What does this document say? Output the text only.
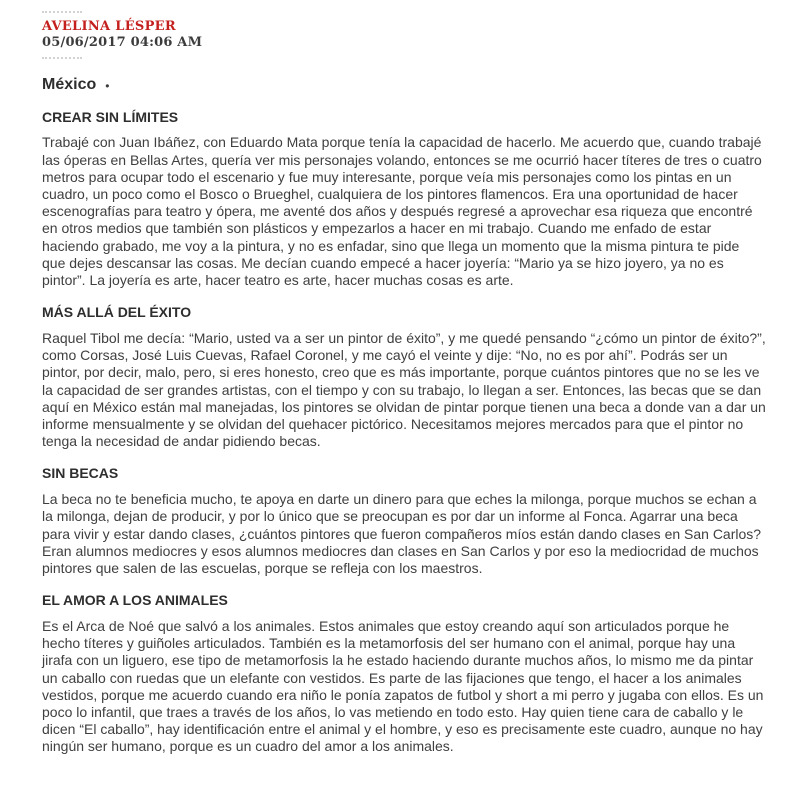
AVELINA LÉSPER
05/06/2017 04:06 AM
México •
CREAR SIN LÍMITES

Trabajé con Juan Ibáñez, con Eduardo Mata porque tenía la capacidad de hacerlo. Me acuerdo que, cuando trabajé las óperas en Bellas Artes, quería ver mis personajes volando, entonces se me ocurrió hacer títeres de tres o cuatro metros para ocupar todo el escenario y fue muy interesante, porque veía mis personajes como los pintas en un cuadro, un poco como el Bosco o Brueghel, cualquiera de los pintores flamencos. Era una oportunidad de hacer escenografías para teatro y ópera, me aventé dos años y después regresé a aprovechar esa riqueza que encontré en otros medios que también son plásticos y empezarlos a hacer en mi trabajo. Cuando me enfado de estar haciendo grabado, me voy a la pintura, y no es enfadar, sino que llega un momento que la misma pintura te pide que dejes descansar las cosas. Me decían cuando empecé a hacer joyería: “Mario ya se hizo joyero, ya no es pintor”. La joyería es arte, hacer teatro es arte, hacer muchas cosas es arte.

MÁS ALLÁ DEL ÉXITO

Raquel Tibol me decía: “Mario, usted va a ser un pintor de éxito”, y me quedé pensando “¿cómo un pintor de éxito?”, como Corsas, José Luis Cuevas, Rafael Coronel, y me cayó el veinte y dije: “No, no es por ahí”. Podrás ser un pintor, por decir, malo, pero, si eres honesto, creo que es más importante, porque cuántos pintores que no se les ve la capacidad de ser grandes artistas, con el tiempo y con su trabajo, lo llegan a ser. Entonces, las becas que se dan aquí en México están mal manejadas, los pintores se olvidan de pintar porque tienen una beca a donde van a dar un informe mensualmente y se olvidan del quehacer pictórico. Necesitamos mejores mercados para que el pintor no tenga la necesidad de andar pidiendo becas.

SIN BECAS

La beca no te beneficia mucho, te apoya en darte un dinero para que eches la milonga, porque muchos se echan a la milonga, dejan de producir, y por lo único que se preocupan es por dar un informe al Fonca. Agarrar una beca para vivir y estar dando clases, ¿cuántos pintores que fueron compañeros míos están dando clases en San Carlos? Eran alumnos mediocres y esos alumnos mediocres dan clases en San Carlos y por eso la mediocridad de muchos pintores que salen de las escuelas, porque se refleja con los maestros.

EL AMOR A LOS ANIMALES

Es el Arca de Noé que salvó a los animales. Estos animales que estoy creando aquí son articulados porque he hecho títeres y guiñoles articulados. También es la metamorfosis del ser humano con el animal, porque hay una jirafa con un liguero, ese tipo de metamorfosis la he estado haciendo durante muchos años, lo mismo me da pintar un caballo con ruedas que un elefante con vestidos. Es parte de las fijaciones que tengo, el hacer a los animales vestidos, porque me acuerdo cuando era niño le ponía zapatos de futbol y short a mi perro y jugaba con ellos. Es un poco lo infantil, que traes a través de los años, lo vas metiendo en todo esto. Hay quien tiene cara de caballo y le dicen “El caballo”, hay identificación entre el animal y el hombre, y eso es precisamente este cuadro, aunque no hay ningún ser humano, porque es un cuadro del amor a los animales.
